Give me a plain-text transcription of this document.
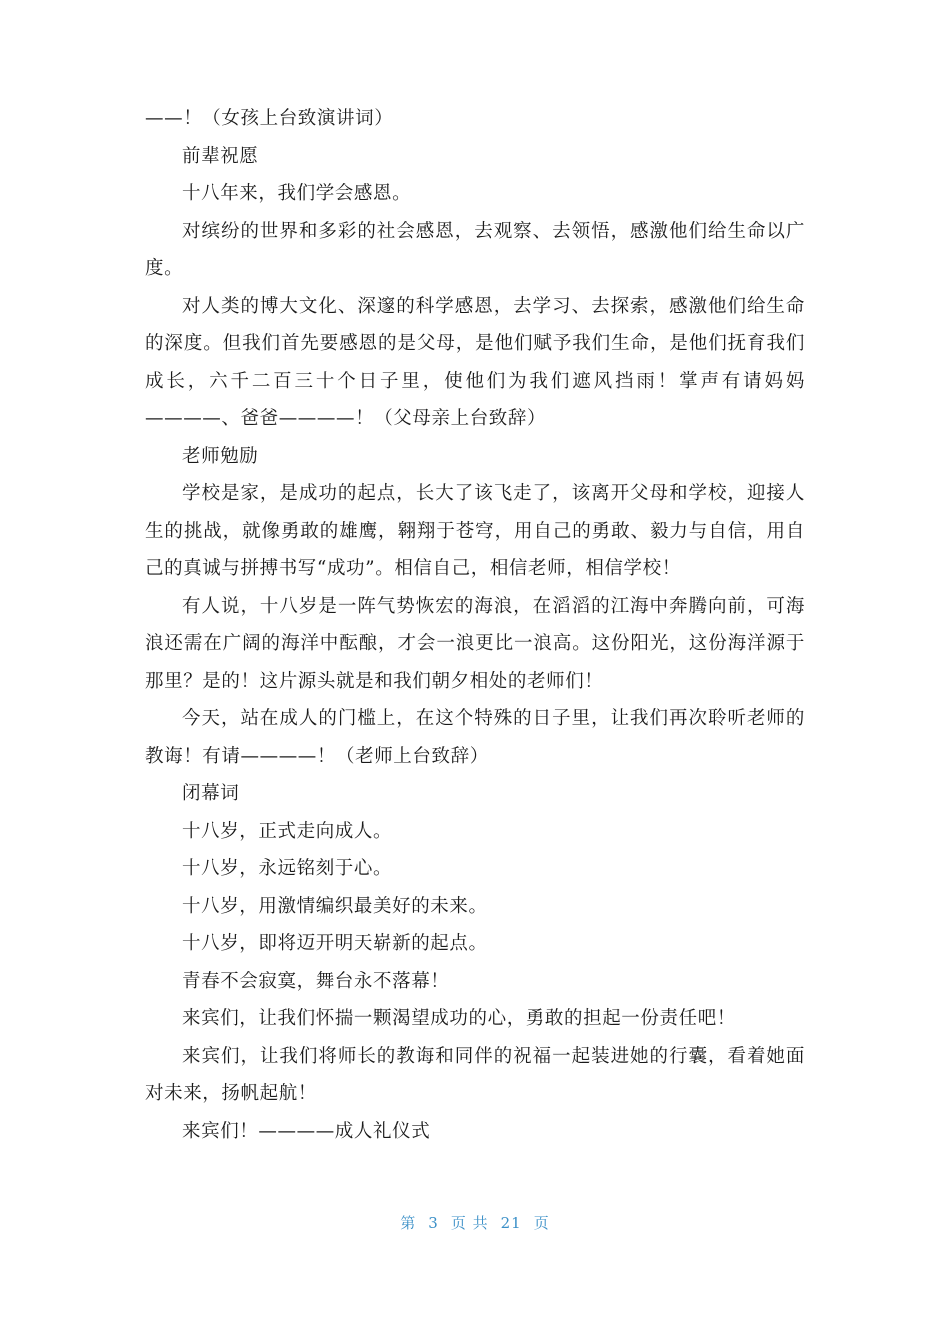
——！（女孩上台致演讲词）

前辈祝愿

十八年来，我们学会感恩。

对缤纷的世界和多彩的社会感恩，去观察、去领悟，感激他们给生命以广度。

对人类的博大文化、深邃的科学感恩，去学习、去探索，感激他们给生命的深度。但我们首先要感恩的是父母，是他们赋予我们生命，是他们抚育我们成长，六千二百三十个日子里，使他们为我们遮风挡雨！掌声有请妈妈————、爸爸————！（父母亲上台致辞）

老师勉励

学校是家，是成功的起点，长大了该飞走了，该离开父母和学校，迎接人生的挑战，就像勇敢的雄鹰，翱翔于苍穹，用自己的勇敢、毅力与自信，用自己的真诚与拼搏书写“成功”。相信自己，相信老师，相信学校！

有人说，十八岁是一阵气势恢宏的海浪，在滔滔的江海中奔腾向前，可海浪还需在广阔的海洋中酝酿，才会一浪更比一浪高。这份阳光，这份海洋源于那里？是的！这片源头就是和我们朝夕相处的老师们！

今天，站在成人的门槛上，在这个特殊的日子里，让我们再次聆听老师的教诲！有请————！（老师上台致辞）

闭幕词

十八岁，正式走向成人。

十八岁，永远铭刻于心。

十八岁，用激情编织最美好的未来。

十八岁，即将迈开明天崭新的起点。

青春不会寂寞，舞台永不落幕！

来宾们，让我们怀揣一颗渴望成功的心，勇敢的担起一份责任吧！

来宾们，让我们将师长的教诲和同伴的祝福一起装进她的行囊，看着她面对未来，扬帆起航！

来宾们！————成人礼仪式

第 3 页 共 21 页
